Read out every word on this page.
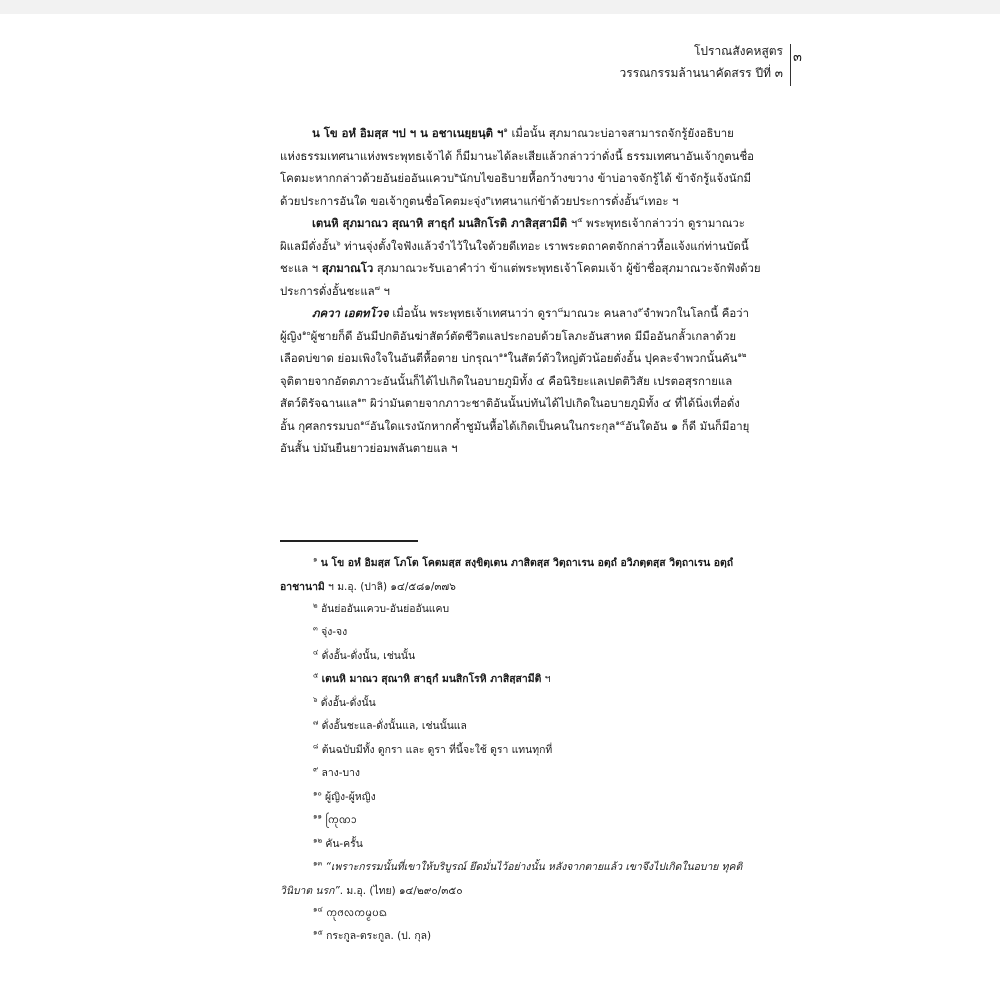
โปราณสังคหสูตร
วรรณกรรมล้านนาคัดสรร ปีที่ ๓
๓

น โข อหํ อิมสฺส ฯป ฯ น อชาเนยฺยนฺติ ฯ$^๑$ เมื่อนั้น สุภมาณวะบ่อาจสามารถจักรู้ยังอธิบาย

แห่งธรรมเทศนาแห่งพระพุทธเจ้าได้ ก็มีมานะได้ละเสียแล้วกล่าวว่าดั่งนี้ ธรรมเทศนาอันเจ้ากูตนชื่อ
โคตมะหากกล่าวด้วยอันย่ออันแควบ$^๒$นักบไขอธิบายหื้อกว้างขวาง ข้าบ่อาจจักรู้ได้ ข้าจักรู้แจ้งนักมี
ด้วยประการอันใด ขอเจ้ากูตนชื่อโคตมะจุ่ง$^๓$เทศนาแก่ข้าด้วยประการดั่งอั้น$^๔$เทอะ ฯ

เตนหิ สุภมาณว สุณาหิ สาธุกํ มนสิกโรติ ภาสิสฺสามีติ ฯ$^๕$ พระพุทธเจ้ากล่าวว่า ดูรามาณวะ

ผิแลมีดั่งอั้น$^๖$ ท่านจุ่งตั้งใจฟังแล้วจำไว้ในใจด้วยดีเทอะ เราพระตถาคตจักกล่าวหื้อแจ้งแก่ท่านบัดนี้
ชะแล ฯ สุภมาณโว สุภมาณวะรับเอาคำว่า ข้าแต่พระพุทธเจ้าโคตมเจ้า ผู้ข้าชื่อสุภมาณวะจักฟังด้วย
ประการดั่งอั้นชะแล$^๗$ ฯ

ภควา เอตทโวจ เมื่อนั้น พระพุทธเจ้าเทศนาว่า ดูรา$^๘$มาณวะ คนลาง$^๙$จำพวกในโลกนี้ คือว่า

ผู้ญิง$^{๑๐}$ผู้ชายก็ดี อันมีปกติอันฆ่าสัตว์ตัดชีวิตแลประกอบด้วยโลภะอันสาหด มีมืออันกลั้วเกลาด้วย
เลือดบ่ขาด ย่อมเพิงใจในอันตีหื้อตาย บ่กรุณา$^{๑๑}$ในสัตว์ตัวใหญ่ตัวน้อยดั่งอั้น ปุคละจำพวกนั้นคัน$^{๑๒}$
จุติตายจากอัตตภาวะอันนั้นก็ได้ไปเกิดในอบายภูมิทั้ง ๔ คือนิริยะแลเปตติวิสัย เปรตอสุรกายแล
สัตว์ติรัจฉานแล$^{๑๓}$ ผิว่ามันตายจากภาวะชาติอันนั้นบ่ทันได้ไปเกิดในอบายภูมิทั้ง ๔ ที่ได้นิ่งเที่อดั่ง
อั้น กุศลกรรมบถ$^{๑๔}$อันใดแรงนักหากค้ำชูมันหื้อได้เกิดเป็นคนในกระกุล$^{๑๕}$อันใดอัน ๑ ก็ดี มันก็มีอายุ
อันสั้น บ่มันยืนยาวย่อมพลันตายแล ฯ

$^๑$ น โข อหํ อิมสฺส โภโต โคตมสฺส สงฺขิตฺเตน ภาสิตสฺส วิตฺถาเรน อตฺถํ อวิภตฺตสฺส วิตฺถาเรน อตฺถํ
อาชานามิ ฯ ม.อุ. (ปาลิ) ๑๔/๕๘๑/๓๗๖
$^๒$ อันย่ออันแควบ-อันย่ออันแคบ
$^๓$ จุ่ง-จง
$^๔$ ดั่งอั้น-ดั่งนั้น, เช่นนั้น
$^๕$ เตนหิ มาณว สุณาหิ สาธุกํ มนสิกโรหิ ภาสิสฺสามีติ ฯ
$^๖$ ดั่งอั้น-ดั่งนั้น
$^๗$ ดั่งอั้นชะแล-ดั่งนั้นแล, เช่นนั้นแล
$^๘$ ต้นฉบับมีทั้ง ดูกรา และ ดูรา ที่นี้จะใช้ ดูรา แทนทุกที่
$^๙$ ลาง-บาง
$^{๑๐}$ ผู้ญิง-ผู้หญิง
$^{๑๑}$ ᨠᩕᩩᨱᩣ
$^{๑๒}$ คัน-ครั้น
$^{๑๓}$ “เพราะกรรมนั้นที่เขาให้บริบูรณ์ ยึดมั่นไว้อย่างนั้น หลังจากตายแล้ว เขาจึงไปเกิดในอบาย ทุคติ
วินิบาต นรก”. ม.อุ. (ไทย) ๑๔/๒๙๐/๓๕๐
$^{๑๔}$ ᨠᩩᩆᩃᨠᨾ᩠ᨾᨷᨳ
$^{๑๕}$ กระกูล-ตระกูล. (ป. กุล)
